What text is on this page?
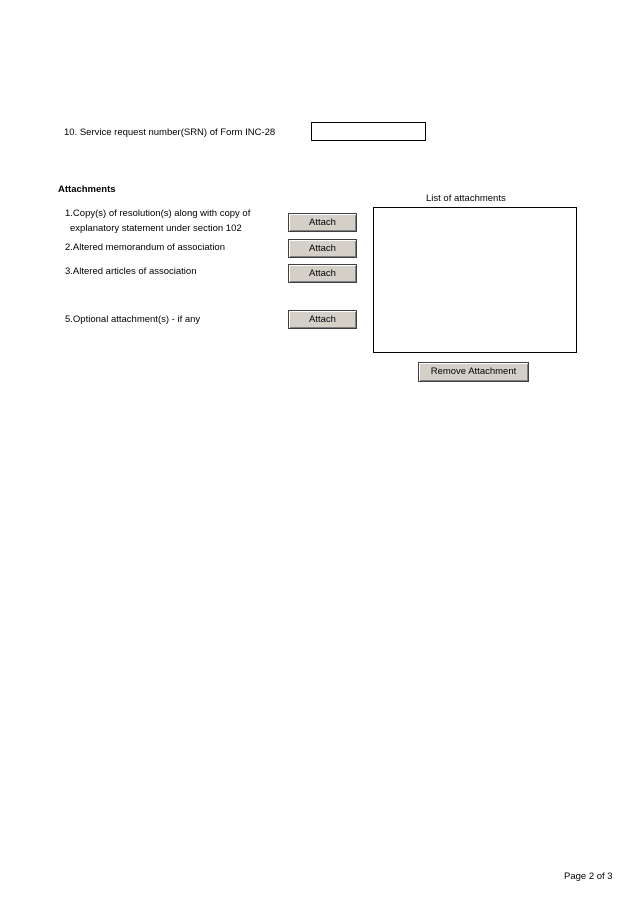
10. Service request number(SRN) of Form INC-28
Attachments
List of attachments
1.Copy(s) of resolution(s) along with copy of
explanatory statement under section 102
Attach
2.Altered memorandum of association	Attach
3.Altered articles of association	Attach
5.Optional attachment(s) - if any	Attach
Remove Attachment
Page 2 of 3
